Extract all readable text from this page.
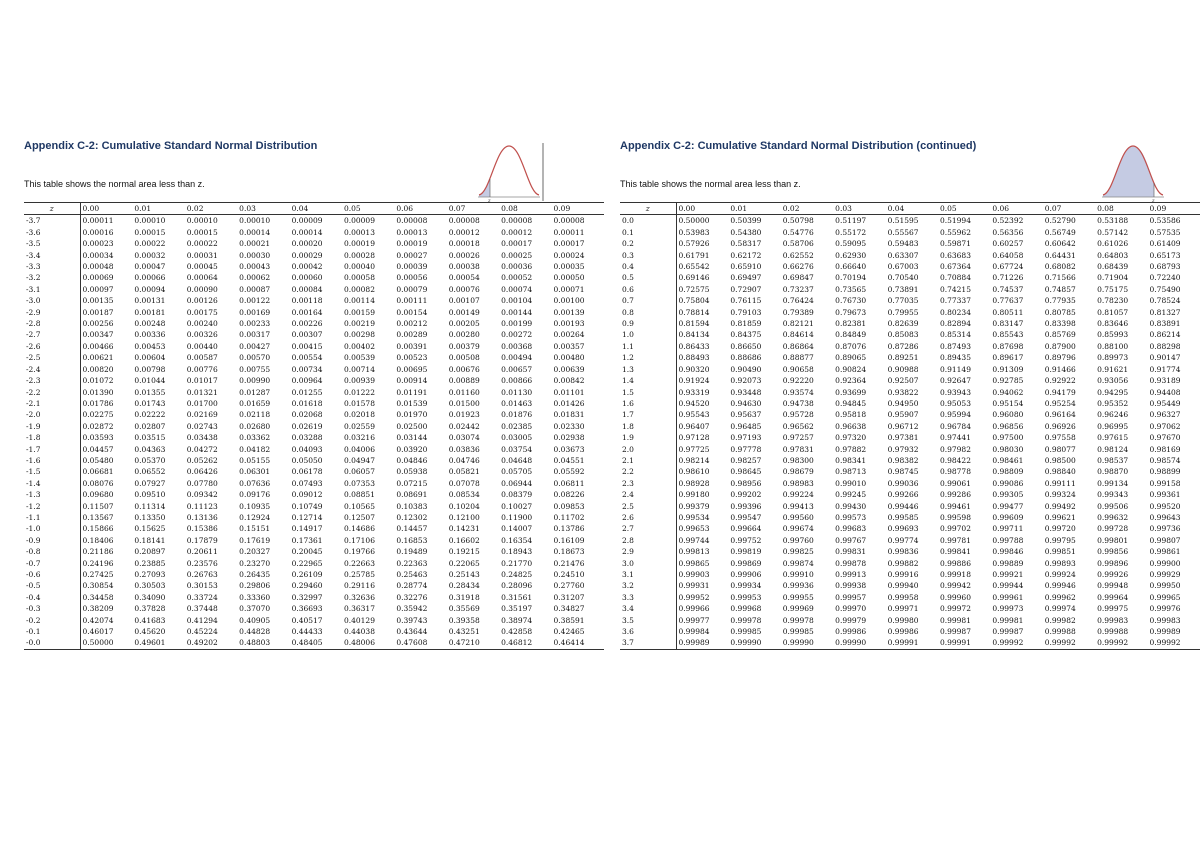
Appendix C-2: Cumulative Standard Normal Distribution

This table shows the normal area less than z.

z
z	0.00	0.01	0.02	0.03	0.04	0.05	0.06	0.07	0.08	0.09
-3.7	0.00011	0.00010	0.00010	0.00010	0.00009	0.00009	0.00008	0.00008	0.00008	0.00008
-3.6	0.00016	0.00015	0.00015	0.00014	0.00014	0.00013	0.00013	0.00012	0.00012	0.00011
-3.5	0.00023	0.00022	0.00022	0.00021	0.00020	0.00019	0.00019	0.00018	0.00017	0.00017
-3.4	0.00034	0.00032	0.00031	0.00030	0.00029	0.00028	0.00027	0.00026	0.00025	0.00024
-3.3	0.00048	0.00047	0.00045	0.00043	0.00042	0.00040	0.00039	0.00038	0.00036	0.00035
-3.2	0.00069	0.00066	0.00064	0.00062	0.00060	0.00058	0.00056	0.00054	0.00052	0.00050
-3.1	0.00097	0.00094	0.00090	0.00087	0.00084	0.00082	0.00079	0.00076	0.00074	0.00071
-3.0	0.00135	0.00131	0.00126	0.00122	0.00118	0.00114	0.00111	0.00107	0.00104	0.00100
-2.9	0.00187	0.00181	0.00175	0.00169	0.00164	0.00159	0.00154	0.00149	0.00144	0.00139
-2.8	0.00256	0.00248	0.00240	0.00233	0.00226	0.00219	0.00212	0.00205	0.00199	0.00193
-2.7	0.00347	0.00336	0.00326	0.00317	0.00307	0.00298	0.00289	0.00280	0.00272	0.00264
-2.6	0.00466	0.00453	0.00440	0.00427	0.00415	0.00402	0.00391	0.00379	0.00368	0.00357
-2.5	0.00621	0.00604	0.00587	0.00570	0.00554	0.00539	0.00523	0.00508	0.00494	0.00480
-2.4	0.00820	0.00798	0.00776	0.00755	0.00734	0.00714	0.00695	0.00676	0.00657	0.00639
-2.3	0.01072	0.01044	0.01017	0.00990	0.00964	0.00939	0.00914	0.00889	0.00866	0.00842
-2.2	0.01390	0.01355	0.01321	0.01287	0.01255	0.01222	0.01191	0.01160	0.01130	0.01101
-2.1	0.01786	0.01743	0.01700	0.01659	0.01618	0.01578	0.01539	0.01500	0.01463	0.01426
-2.0	0.02275	0.02222	0.02169	0.02118	0.02068	0.02018	0.01970	0.01923	0.01876	0.01831
-1.9	0.02872	0.02807	0.02743	0.02680	0.02619	0.02559	0.02500	0.02442	0.02385	0.02330
-1.8	0.03593	0.03515	0.03438	0.03362	0.03288	0.03216	0.03144	0.03074	0.03005	0.02938
-1.7	0.04457	0.04363	0.04272	0.04182	0.04093	0.04006	0.03920	0.03836	0.03754	0.03673
-1.6	0.05480	0.05370	0.05262	0.05155	0.05050	0.04947	0.04846	0.04746	0.04648	0.04551
-1.5	0.06681	0.06552	0.06426	0.06301	0.06178	0.06057	0.05938	0.05821	0.05705	0.05592
-1.4	0.08076	0.07927	0.07780	0.07636	0.07493	0.07353	0.07215	0.07078	0.06944	0.06811
-1.3	0.09680	0.09510	0.09342	0.09176	0.09012	0.08851	0.08691	0.08534	0.08379	0.08226
-1.2	0.11507	0.11314	0.11123	0.10935	0.10749	0.10565	0.10383	0.10204	0.10027	0.09853
-1.1	0.13567	0.13350	0.13136	0.12924	0.12714	0.12507	0.12302	0.12100	0.11900	0.11702
-1.0	0.15866	0.15625	0.15386	0.15151	0.14917	0.14686	0.14457	0.14231	0.14007	0.13786
-0.9	0.18406	0.18141	0.17879	0.17619	0.17361	0.17106	0.16853	0.16602	0.16354	0.16109
-0.8	0.21186	0.20897	0.20611	0.20327	0.20045	0.19766	0.19489	0.19215	0.18943	0.18673
-0.7	0.24196	0.23885	0.23576	0.23270	0.22965	0.22663	0.22363	0.22065	0.21770	0.21476
-0.6	0.27425	0.27093	0.26763	0.26435	0.26109	0.25785	0.25463	0.25143	0.24825	0.24510
-0.5	0.30854	0.30503	0.30153	0.29806	0.29460	0.29116	0.28774	0.28434	0.28096	0.27760
-0.4	0.34458	0.34090	0.33724	0.33360	0.32997	0.32636	0.32276	0.31918	0.31561	0.31207
-0.3	0.38209	0.37828	0.37448	0.37070	0.36693	0.36317	0.35942	0.35569	0.35197	0.34827
-0.2	0.42074	0.41683	0.41294	0.40905	0.40517	0.40129	0.39743	0.39358	0.38974	0.38591
-0.1	0.46017	0.45620	0.45224	0.44828	0.44433	0.44038	0.43644	0.43251	0.42858	0.42465
-0.0	0.50000	0.49601	0.49202	0.48803	0.48405	0.48006	0.47608	0.47210	0.46812	0.46414
Appendix C-2: Cumulative Standard Normal Distribution (continued)

This table shows the normal area less than z.

z
z	0.00	0.01	0.02	0.03	0.04	0.05	0.06	0.07	0.08	0.09
0.0	0.50000	0.50399	0.50798	0.51197	0.51595	0.51994	0.52392	0.52790	0.53188	0.53586
0.1	0.53983	0.54380	0.54776	0.55172	0.55567	0.55962	0.56356	0.56749	0.57142	0.57535
0.2	0.57926	0.58317	0.58706	0.59095	0.59483	0.59871	0.60257	0.60642	0.61026	0.61409
0.3	0.61791	0.62172	0.62552	0.62930	0.63307	0.63683	0.64058	0.64431	0.64803	0.65173
0.4	0.65542	0.65910	0.66276	0.66640	0.67003	0.67364	0.67724	0.68082	0.68439	0.68793
0.5	0.69146	0.69497	0.69847	0.70194	0.70540	0.70884	0.71226	0.71566	0.71904	0.72240
0.6	0.72575	0.72907	0.73237	0.73565	0.73891	0.74215	0.74537	0.74857	0.75175	0.75490
0.7	0.75804	0.76115	0.76424	0.76730	0.77035	0.77337	0.77637	0.77935	0.78230	0.78524
0.8	0.78814	0.79103	0.79389	0.79673	0.79955	0.80234	0.80511	0.80785	0.81057	0.81327
0.9	0.81594	0.81859	0.82121	0.82381	0.82639	0.82894	0.83147	0.83398	0.83646	0.83891
1.0	0.84134	0.84375	0.84614	0.84849	0.85083	0.85314	0.85543	0.85769	0.85993	0.86214
1.1	0.86433	0.86650	0.86864	0.87076	0.87286	0.87493	0.87698	0.87900	0.88100	0.88298
1.2	0.88493	0.88686	0.88877	0.89065	0.89251	0.89435	0.89617	0.89796	0.89973	0.90147
1.3	0.90320	0.90490	0.90658	0.90824	0.90988	0.91149	0.91309	0.91466	0.91621	0.91774
1.4	0.91924	0.92073	0.92220	0.92364	0.92507	0.92647	0.92785	0.92922	0.93056	0.93189
1.5	0.93319	0.93448	0.93574	0.93699	0.93822	0.93943	0.94062	0.94179	0.94295	0.94408
1.6	0.94520	0.94630	0.94738	0.94845	0.94950	0.95053	0.95154	0.95254	0.95352	0.95449
1.7	0.95543	0.95637	0.95728	0.95818	0.95907	0.95994	0.96080	0.96164	0.96246	0.96327
1.8	0.96407	0.96485	0.96562	0.96638	0.96712	0.96784	0.96856	0.96926	0.96995	0.97062
1.9	0.97128	0.97193	0.97257	0.97320	0.97381	0.97441	0.97500	0.97558	0.97615	0.97670
2.0	0.97725	0.97778	0.97831	0.97882	0.97932	0.97982	0.98030	0.98077	0.98124	0.98169
2.1	0.98214	0.98257	0.98300	0.98341	0.98382	0.98422	0.98461	0.98500	0.98537	0.98574
2.2	0.98610	0.98645	0.98679	0.98713	0.98745	0.98778	0.98809	0.98840	0.98870	0.98899
2.3	0.98928	0.98956	0.98983	0.99010	0.99036	0.99061	0.99086	0.99111	0.99134	0.99158
2.4	0.99180	0.99202	0.99224	0.99245	0.99266	0.99286	0.99305	0.99324	0.99343	0.99361
2.5	0.99379	0.99396	0.99413	0.99430	0.99446	0.99461	0.99477	0.99492	0.99506	0.99520
2.6	0.99534	0.99547	0.99560	0.99573	0.99585	0.99598	0.99609	0.99621	0.99632	0.99643
2.7	0.99653	0.99664	0.99674	0.99683	0.99693	0.99702	0.99711	0.99720	0.99728	0.99736
2.8	0.99744	0.99752	0.99760	0.99767	0.99774	0.99781	0.99788	0.99795	0.99801	0.99807
2.9	0.99813	0.99819	0.99825	0.99831	0.99836	0.99841	0.99846	0.99851	0.99856	0.99861
3.0	0.99865	0.99869	0.99874	0.99878	0.99882	0.99886	0.99889	0.99893	0.99896	0.99900
3.1	0.99903	0.99906	0.99910	0.99913	0.99916	0.99918	0.99921	0.99924	0.99926	0.99929
3.2	0.99931	0.99934	0.99936	0.99938	0.99940	0.99942	0.99944	0.99946	0.99948	0.99950
3.3	0.99952	0.99953	0.99955	0.99957	0.99958	0.99960	0.99961	0.99962	0.99964	0.99965
3.4	0.99966	0.99968	0.99969	0.99970	0.99971	0.99972	0.99973	0.99974	0.99975	0.99976
3.5	0.99977	0.99978	0.99978	0.99979	0.99980	0.99981	0.99981	0.99982	0.99983	0.99983
3.6	0.99984	0.99985	0.99985	0.99986	0.99986	0.99987	0.99987	0.99988	0.99988	0.99989
3.7	0.99989	0.99990	0.99990	0.99990	0.99991	0.99991	0.99992	0.99992	0.99992	0.99992
